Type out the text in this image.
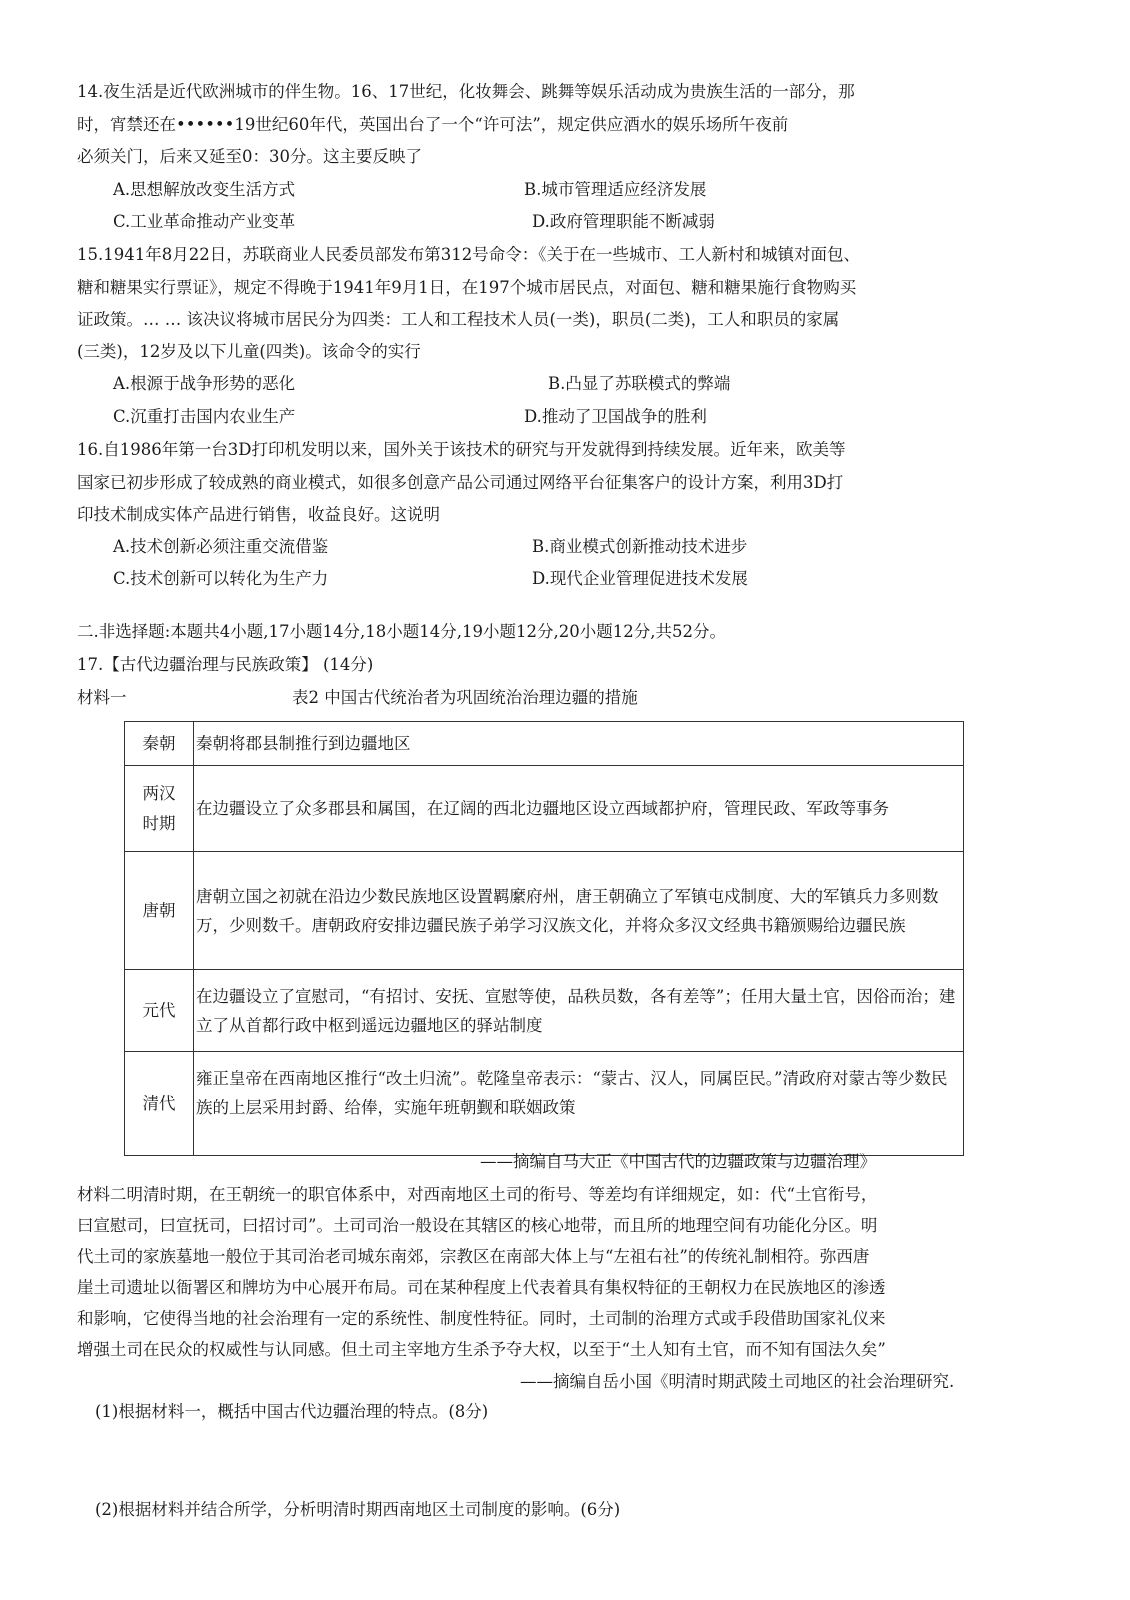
14.夜生活是近代欧洲城市的伴生物。16、17世纪，化妆舞会、跳舞等娱乐活动成为贵族生活的一部分，那
时，宵禁还在••••••19世纪60年代，英国出台了一个“许可法”，规定供应酒水的娱乐场所午夜前
必须关门，后来又延至0：30分。这主要反映了
A.思想解放改变生活方式	B.城市管理适应经济发展
C.工业革命推动产业变革	D.政府管理职能不断减弱
15.1941年8月22日，苏联商业人民委员部发布第312号命令：《关于在一些城市、工人新村和城镇对面包、
糖和糖果实行票证》，规定不得晚于1941年9月1日，在197个城市居民点，对面包、糖和糖果施行食物购买
证政策。… … 该决议将城市居民分为四类：工人和工程技术人员(一类)，职员(二类)，工人和职员的家属
(三类)，12岁及以下儿童(四类)。该命令的实行
A.根源于战争形势的恶化	B.凸显了苏联模式的弊端
C.沉重打击国内农业生产	D.推动了卫国战争的胜利
16.自1986年第一台3D打印机发明以来，国外关于该技术的研究与开发就得到持续发展。近年来，欧美等
国家已初步形成了较成熟的商业模式，如很多创意产品公司通过网络平台征集客户的设计方案，利用3D打
印技术制成实体产品进行销售，收益良好。这说明
A.技术创新必须注重交流借鉴	B.商业模式创新推动技术进步
C.技术创新可以转化为生产力	D.现代企业管理促进技术发展
二.非选择题:本题共4小题,17小题14分,18小题14分,19小题12分,20小题12分,共52分。
17.【古代边疆治理与民族政策】 (14分)
材料一	表2 中国古代统治者为巩固统治治理边疆的措施
秦朝	秦朝将郡县制推行到边疆地区
两汉
时期	在边疆设立了众多郡县和属国，在辽阔的西北边疆地区设立西域都护府，管理民政、军政等事务
唐朝	唐朝立国之初就在沿边少数民族地区设置羁縻府州，唐王朝确立了军镇屯戍制度、大的军镇兵力多则数万，少则数千。唐朝政府安排边疆民族子弟学习汉族文化，并将众多汉文经典书籍颁赐给边疆民族
元代	在边疆设立了宣慰司，“有招讨、安抚、宣慰等使，品秩员数，各有差等”；任用大量土官，因俗而治；建立了从首都行政中枢到遥远边疆地区的驿站制度
清代	雍正皇帝在西南地区推行“改土归流”。乾隆皇帝表示：“蒙古、汉人，同属臣民。”清政府对蒙古等少数民族的上层采用封爵、给俸，实施年班朝觐和联姻政策
——摘编自马大正《中国古代的边疆政策与边疆治理》
材料二明清时期，在王朝统一的职官体系中，对西南地区土司的衔号、等差均有详细规定，如：代“土官衔号，
曰宣慰司，曰宣抚司，曰招讨司”。土司司治一般设在其辖区的核心地带，而且所的地理空间有功能化分区。明
代土司的家族墓地一般位于其司治老司城东南郊，宗教区在南部大体上与“左祖右社”的传统礼制相符。弥西唐
崖土司遗址以衙署区和牌坊为中心展开布局。司在某种程度上代表着具有集权特征的王朝权力在民族地区的渗透
和影响，它使得当地的社会治理有一定的系统性、制度性特征。同时，土司制的治理方式或手段借助国家礼仪来
增强土司在民众的权威性与认同感。但土司主宰地方生杀予夺大权，以至于“土人知有土官，而不知有国法久矣”
——摘编自岳小国《明清时期武陵土司地区的社会治理研究.
(1)根据材料一，概括中国古代边疆治理的特点。(8分)
(2)根据材料并结合所学，分析明清时期西南地区土司制度的影响。(6分)
